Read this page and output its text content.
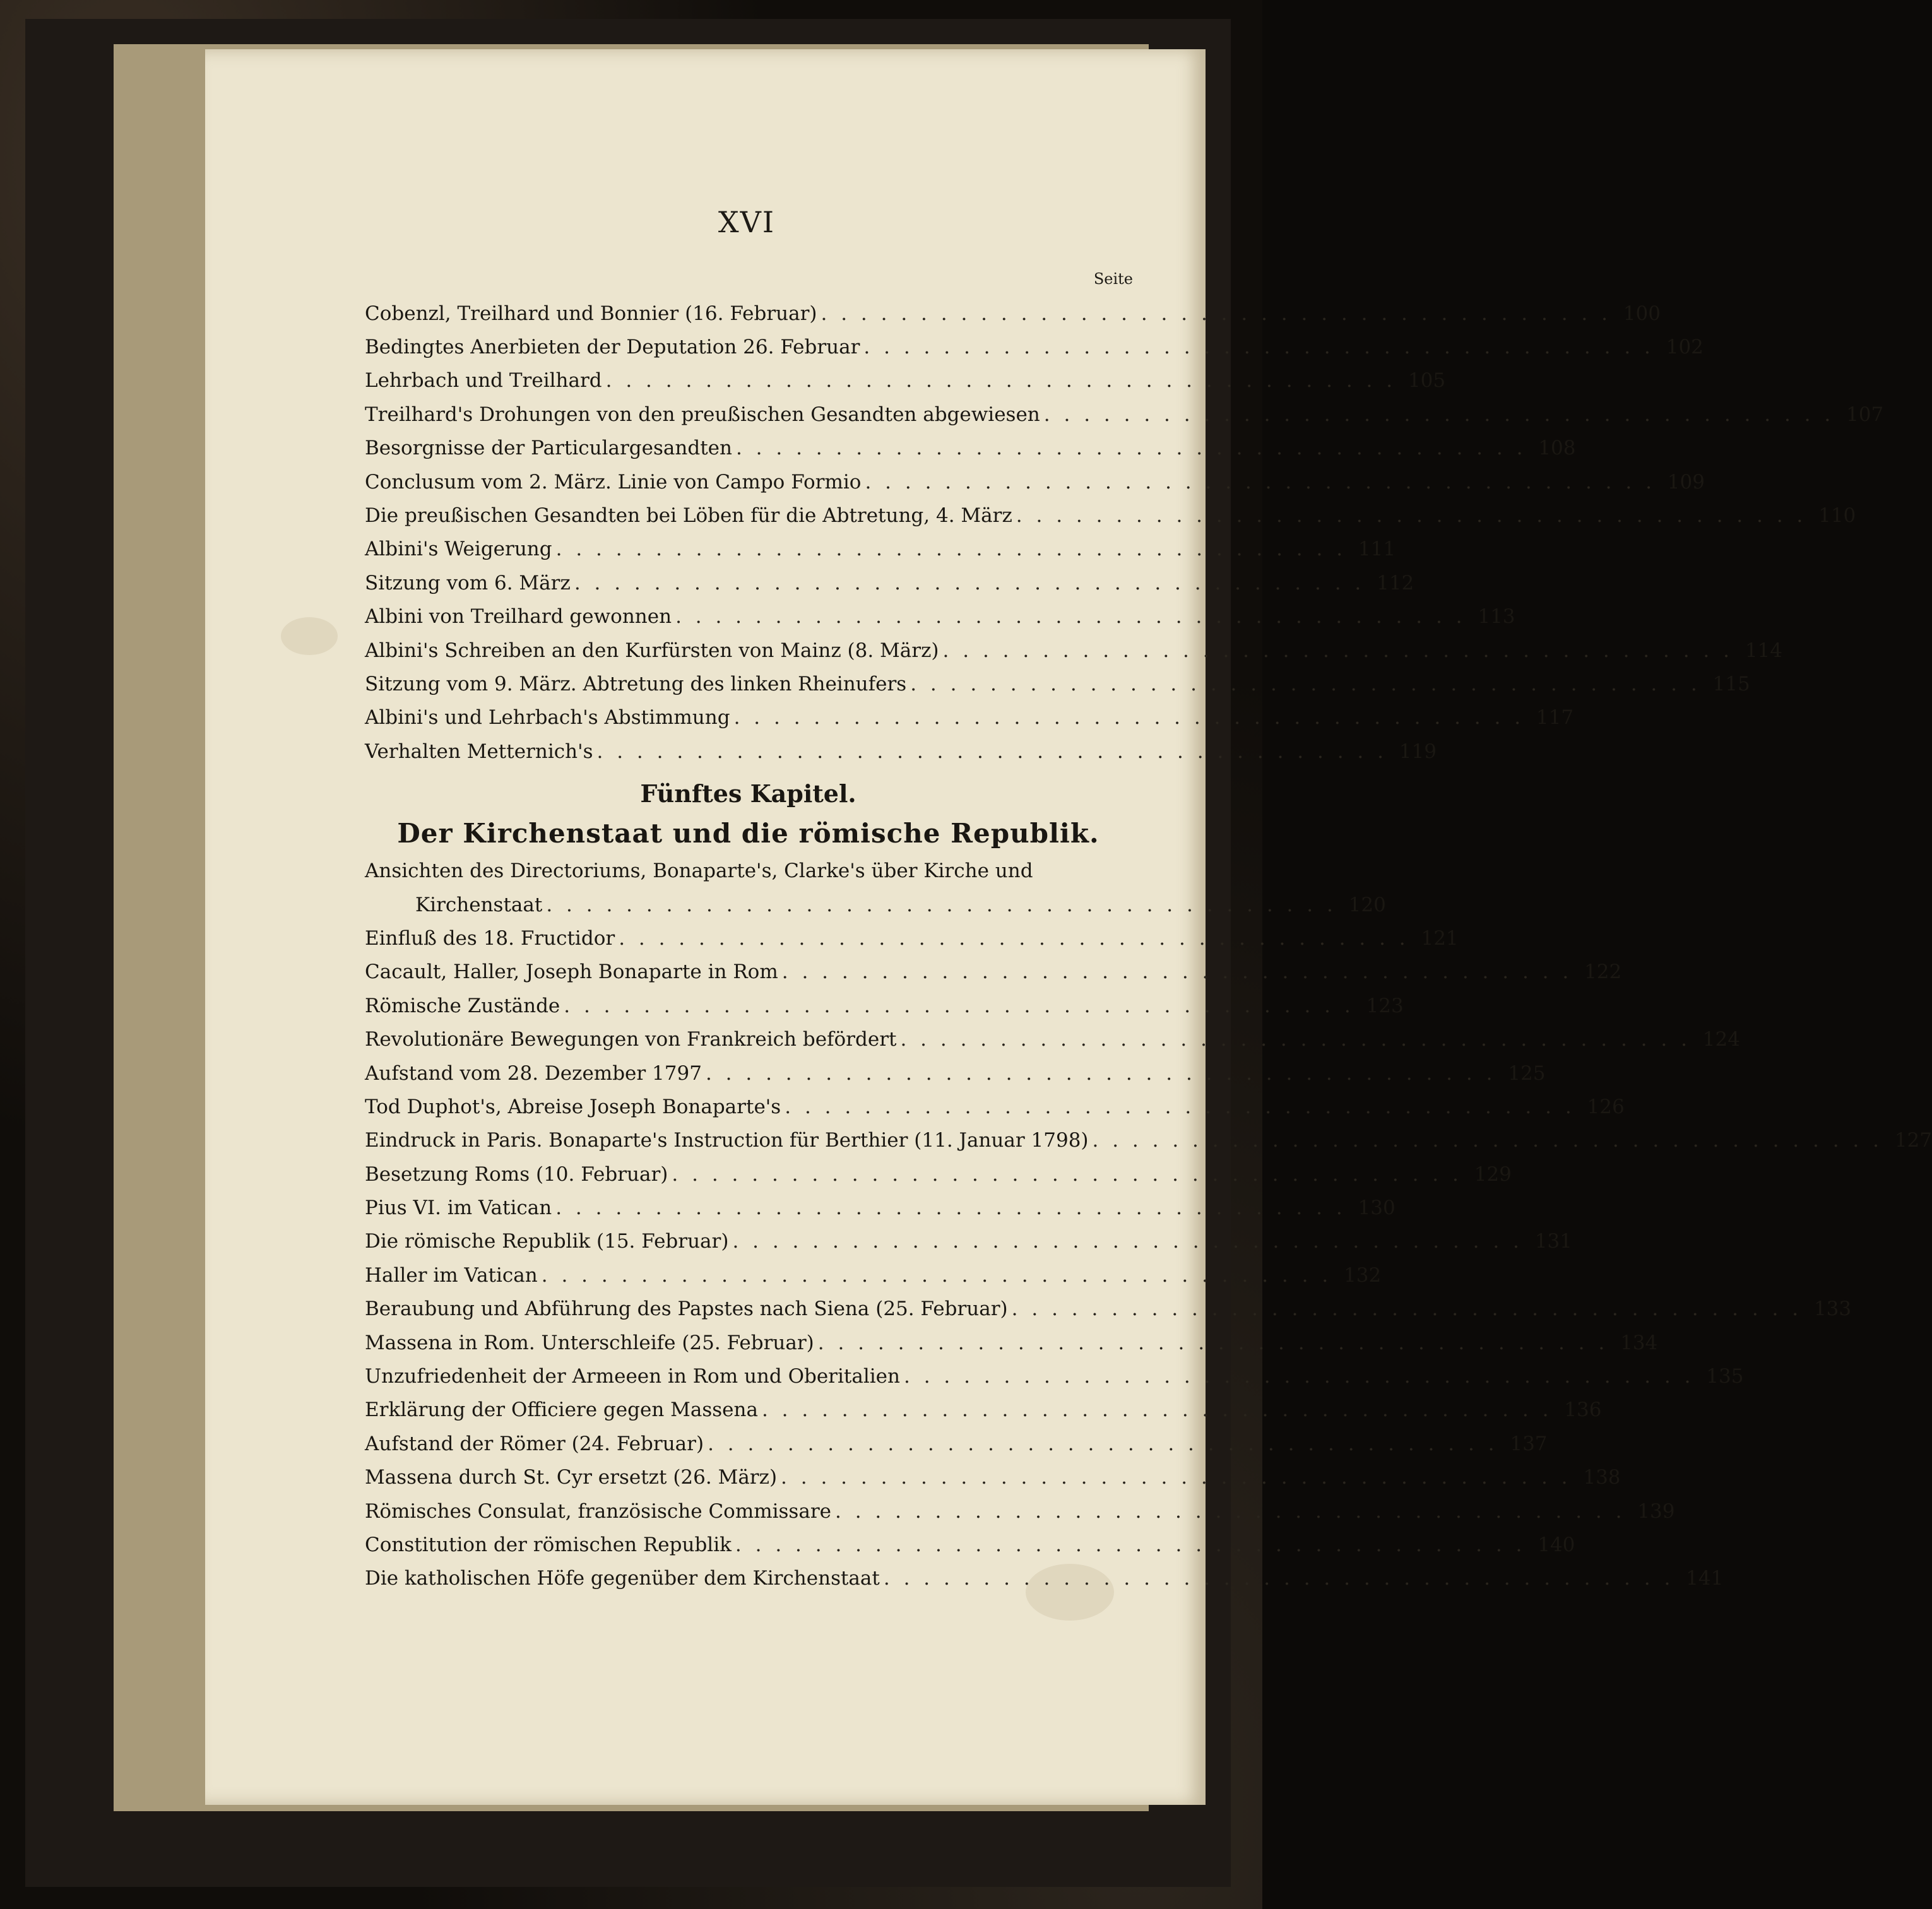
XVI
Seite
Cobenzl, Treilhard und Bonnier (16. Februar) . . . . . . . . . . . . . . . . . . . . . . . . . . . . . . . . . . . . . . . . 100
Bedingtes Anerbieten der Deputation 26. Februar . . . . . . . . . . . . . . . . . . . . . . . . . . . . . . . . . . . . . . . . 102
Lehrbach und Treilhard . . . . . . . . . . . . . . . . . . . . . . . . . . . . . . . . . . . . . . . . 105
Treilhard's Drohungen von den preußischen Gesandten abgewiesen . . . . . . . . . . . . . . . . . . . . . . . . . . . . . . . . . . . . . . . . 107
Besorgnisse der Particulargesandten . . . . . . . . . . . . . . . . . . . . . . . . . . . . . . . . . . . . . . . . 108
Conclusum vom 2. März. Linie von Campo Formio . . . . . . . . . . . . . . . . . . . . . . . . . . . . . . . . . . . . . . . . 109
Die preußischen Gesandten bei Löben für die Abtretung, 4. März . . . . . . . . . . . . . . . . . . . . . . . . . . . . . . . . . . . . . . . . 110
Albini's Weigerung . . . . . . . . . . . . . . . . . . . . . . . . . . . . . . . . . . . . . . . . 111
Sitzung vom 6. März . . . . . . . . . . . . . . . . . . . . . . . . . . . . . . . . . . . . . . . . 112
Albini von Treilhard gewonnen . . . . . . . . . . . . . . . . . . . . . . . . . . . . . . . . . . . . . . . . 113
Albini's Schreiben an den Kurfürsten von Mainz (8. März) . . . . . . . . . . . . . . . . . . . . . . . . . . . . . . . . . . . . . . . . 114
Sitzung vom 9. März. Abtretung des linken Rheinufers . . . . . . . . . . . . . . . . . . . . . . . . . . . . . . . . . . . . . . . . 115
Albini's und Lehrbach's Abstimmung . . . . . . . . . . . . . . . . . . . . . . . . . . . . . . . . . . . . . . . . 117
Verhalten Metternich's . . . . . . . . . . . . . . . . . . . . . . . . . . . . . . . . . . . . . . . . 119
Fünftes Kapitel.
Der Kirchenstaat und die römische Republik.
Ansichten des Directoriums, Bonaparte's, Clarke's über Kirche und
Kirchenstaat . . . . . . . . . . . . . . . . . . . . . . . . . . . . . . . . . . . . . . . . 120
Einfluß des 18. Fructidor . . . . . . . . . . . . . . . . . . . . . . . . . . . . . . . . . . . . . . . . 121
Cacault, Haller, Joseph Bonaparte in Rom . . . . . . . . . . . . . . . . . . . . . . . . . . . . . . . . . . . . . . . . 122
Römische Zustände . . . . . . . . . . . . . . . . . . . . . . . . . . . . . . . . . . . . . . . . 123
Revolutionäre Bewegungen von Frankreich befördert . . . . . . . . . . . . . . . . . . . . . . . . . . . . . . . . . . . . . . . . 124
Aufstand vom 28. Dezember 1797 . . . . . . . . . . . . . . . . . . . . . . . . . . . . . . . . . . . . . . . . 125
Tod Duphot's, Abreise Joseph Bonaparte's . . . . . . . . . . . . . . . . . . . . . . . . . . . . . . . . . . . . . . . . 126
Eindruck in Paris. Bonaparte's Instruction für Berthier (11. Januar 1798) . . . . . . . . . . . . . . . . . . . . . . . . . . . . . . . . . . . . . . . . 127
Besetzung Roms (10. Februar) . . . . . . . . . . . . . . . . . . . . . . . . . . . . . . . . . . . . . . . . 129
Pius VI. im Vatican . . . . . . . . . . . . . . . . . . . . . . . . . . . . . . . . . . . . . . . . 130
Die römische Republik (15. Februar) . . . . . . . . . . . . . . . . . . . . . . . . . . . . . . . . . . . . . . . . 131
Haller im Vatican . . . . . . . . . . . . . . . . . . . . . . . . . . . . . . . . . . . . . . . . 132
Beraubung und Abführung des Papstes nach Siena (25. Februar) . . . . . . . . . . . . . . . . . . . . . . . . . . . . . . . . . . . . . . . . 133
Massena in Rom. Unterschleife (25. Februar) . . . . . . . . . . . . . . . . . . . . . . . . . . . . . . . . . . . . . . . . 134
Unzufriedenheit der Armeeen in Rom und Oberitalien . . . . . . . . . . . . . . . . . . . . . . . . . . . . . . . . . . . . . . . . 135
Erklärung der Officiere gegen Massena . . . . . . . . . . . . . . . . . . . . . . . . . . . . . . . . . . . . . . . . 136
Aufstand der Römer (24. Februar) . . . . . . . . . . . . . . . . . . . . . . . . . . . . . . . . . . . . . . . . 137
Massena durch St. Cyr ersetzt (26. März) . . . . . . . . . . . . . . . . . . . . . . . . . . . . . . . . . . . . . . . . 138
Römisches Consulat, französische Commissare . . . . . . . . . . . . . . . . . . . . . . . . . . . . . . . . . . . . . . . . 139
Constitution der römischen Republik . . . . . . . . . . . . . . . . . . . . . . . . . . . . . . . . . . . . . . . . 140
Die katholischen Höfe gegenüber dem Kirchenstaat . . . . . . . . . . . . . . . . . . . . . . . . . . . . . . . . . . . . . . . . 141
